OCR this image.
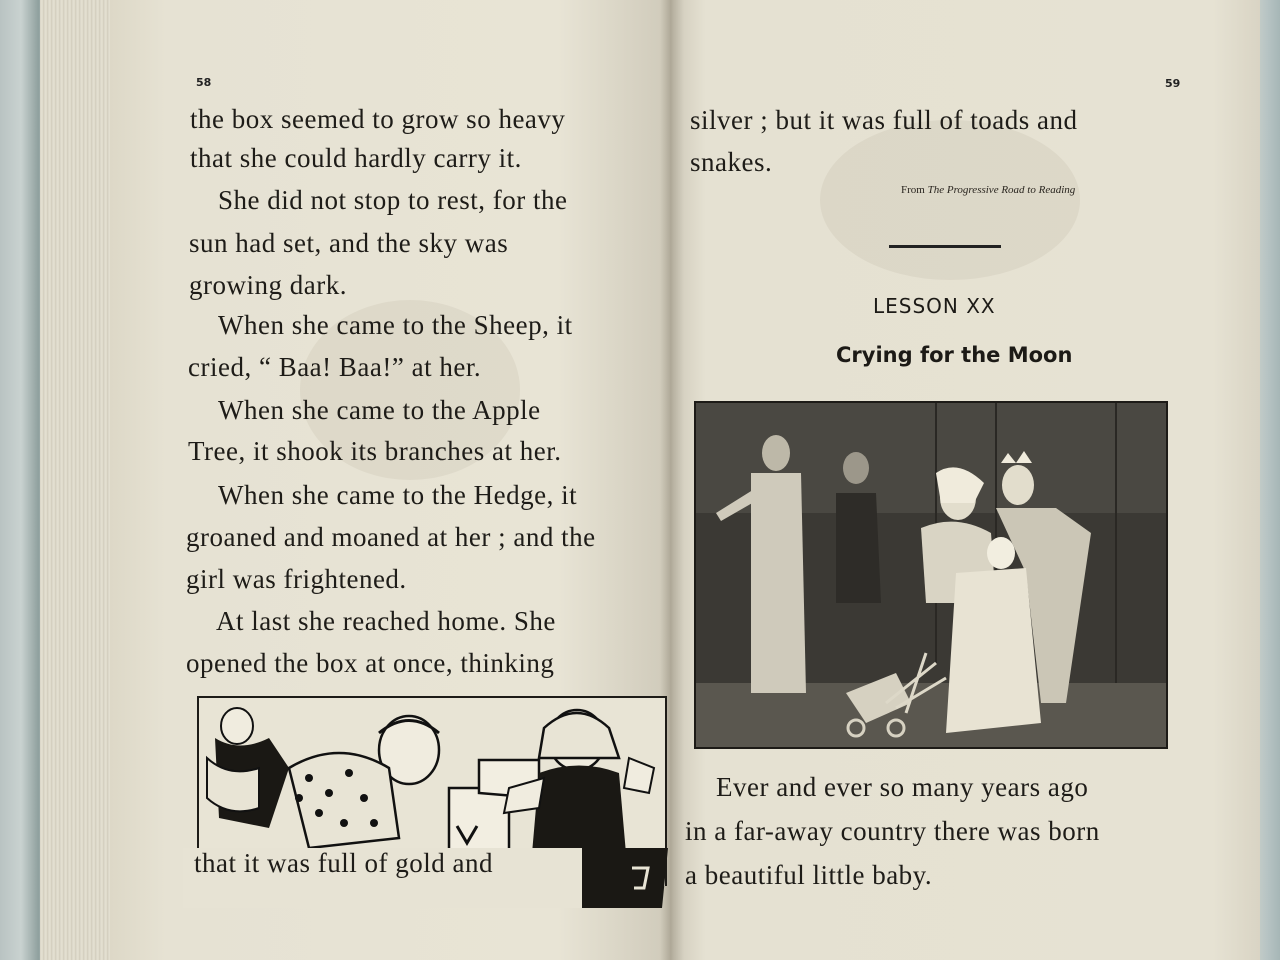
58	59
the box seemed to grow so heavy
that she could hardly carry it.
She did not stop to rest, for the
sun had set, and the sky was
growing dark.
When she came to the Sheep, it
cried, “ Baa! Baa!” at her.
When she came to the Apple
Tree, it shook its branches at her.
When she came to the Hedge, it
groaned and moaned at her ; and the
girl was frightened.
At last she reached home. She
opened the box at once, thinking
that it was full of gold and
silver ; but it was full of toads and
snakes.
From The Progressive Road to Reading
LESSON XX
Crying for the Moon
Ever and ever so many years ago
in a far-away country there was born
a beautiful little baby.
